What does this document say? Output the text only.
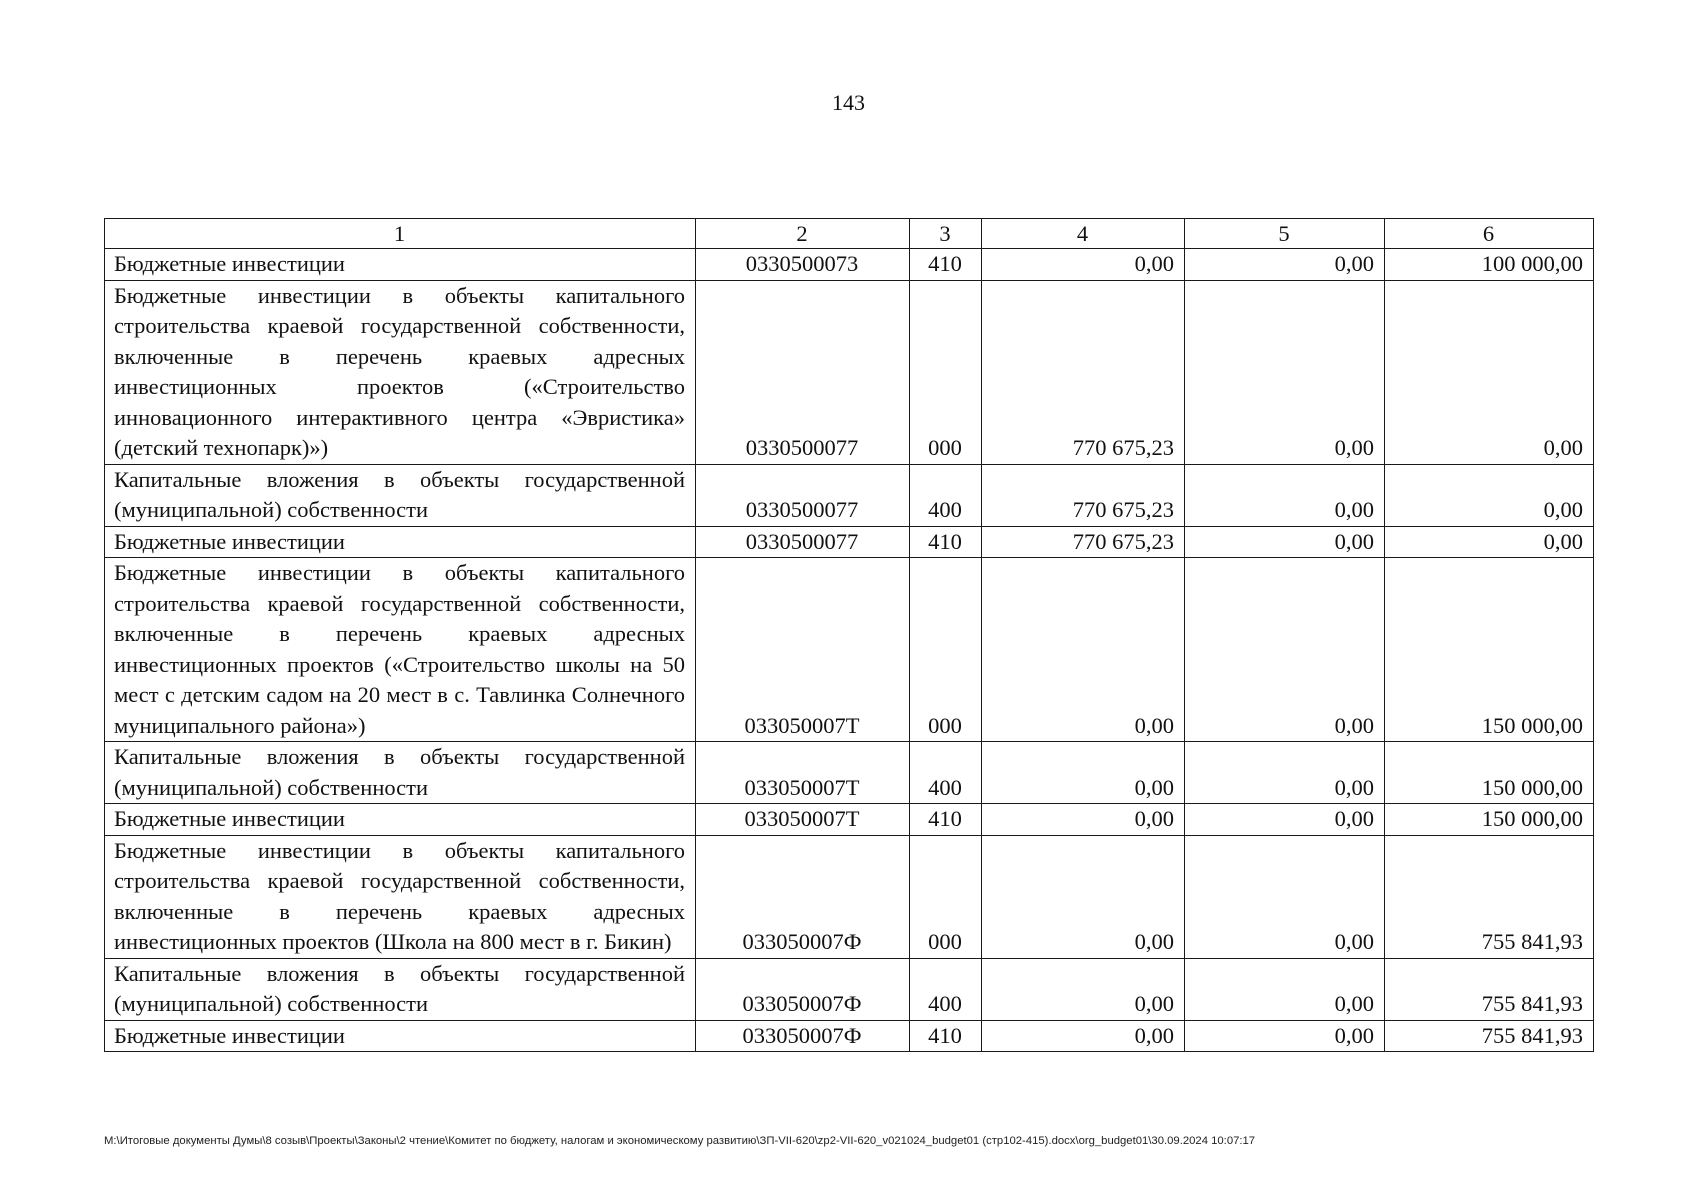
143
1	2	3	4	5	6
Бюджетные инвестиции	0330500073	410	0,00	0,00	100 000,00
Бюджетные инвестиции в объекты капитального строительства краевой государственной собственности, включенные в перечень краевых адресных инвестиционных проектов («Строительство инновационного интерактивного центра «Эвристика» (детский технопарк)»)	0330500077	000	770 675,23	0,00	0,00
Капитальные вложения в объекты государственной (муниципальной) собственности	0330500077	400	770 675,23	0,00	0,00
Бюджетные инвестиции	0330500077	410	770 675,23	0,00	0,00
Бюджетные инвестиции в объекты капитального строительства краевой государственной собственности, включенные в перечень краевых адресных инвестиционных проектов («Строительство школы на 50 мест с детским садом на 20 мест в с. Тавлинка Солнечного муниципального района»)	033050007Т	000	0,00	0,00	150 000,00
Капитальные вложения в объекты государственной (муниципальной) собственности	033050007Т	400	0,00	0,00	150 000,00
Бюджетные инвестиции	033050007Т	410	0,00	0,00	150 000,00
Бюджетные инвестиции в объекты капитального строительства краевой государственной собственности, включенные в перечень краевых адресных инвестиционных проектов (Школа на 800 мест в г. Бикин)	033050007Ф	000	0,00	0,00	755 841,93
Капитальные вложения в объекты государственной (муниципальной) собственности	033050007Ф	400	0,00	0,00	755 841,93
Бюджетные инвестиции	033050007Ф	410	0,00	0,00	755 841,93
M:\Итоговые документы Думы\8 созыв\Проекты\Законы\2 чтение\Комитет по бюджету, налогам и экономическому развитию\ЗП-VII-620\zp2-VII-620_v021024_budget01 (стр102-415).docx\org_budget01\30.09.2024 10:07:17
